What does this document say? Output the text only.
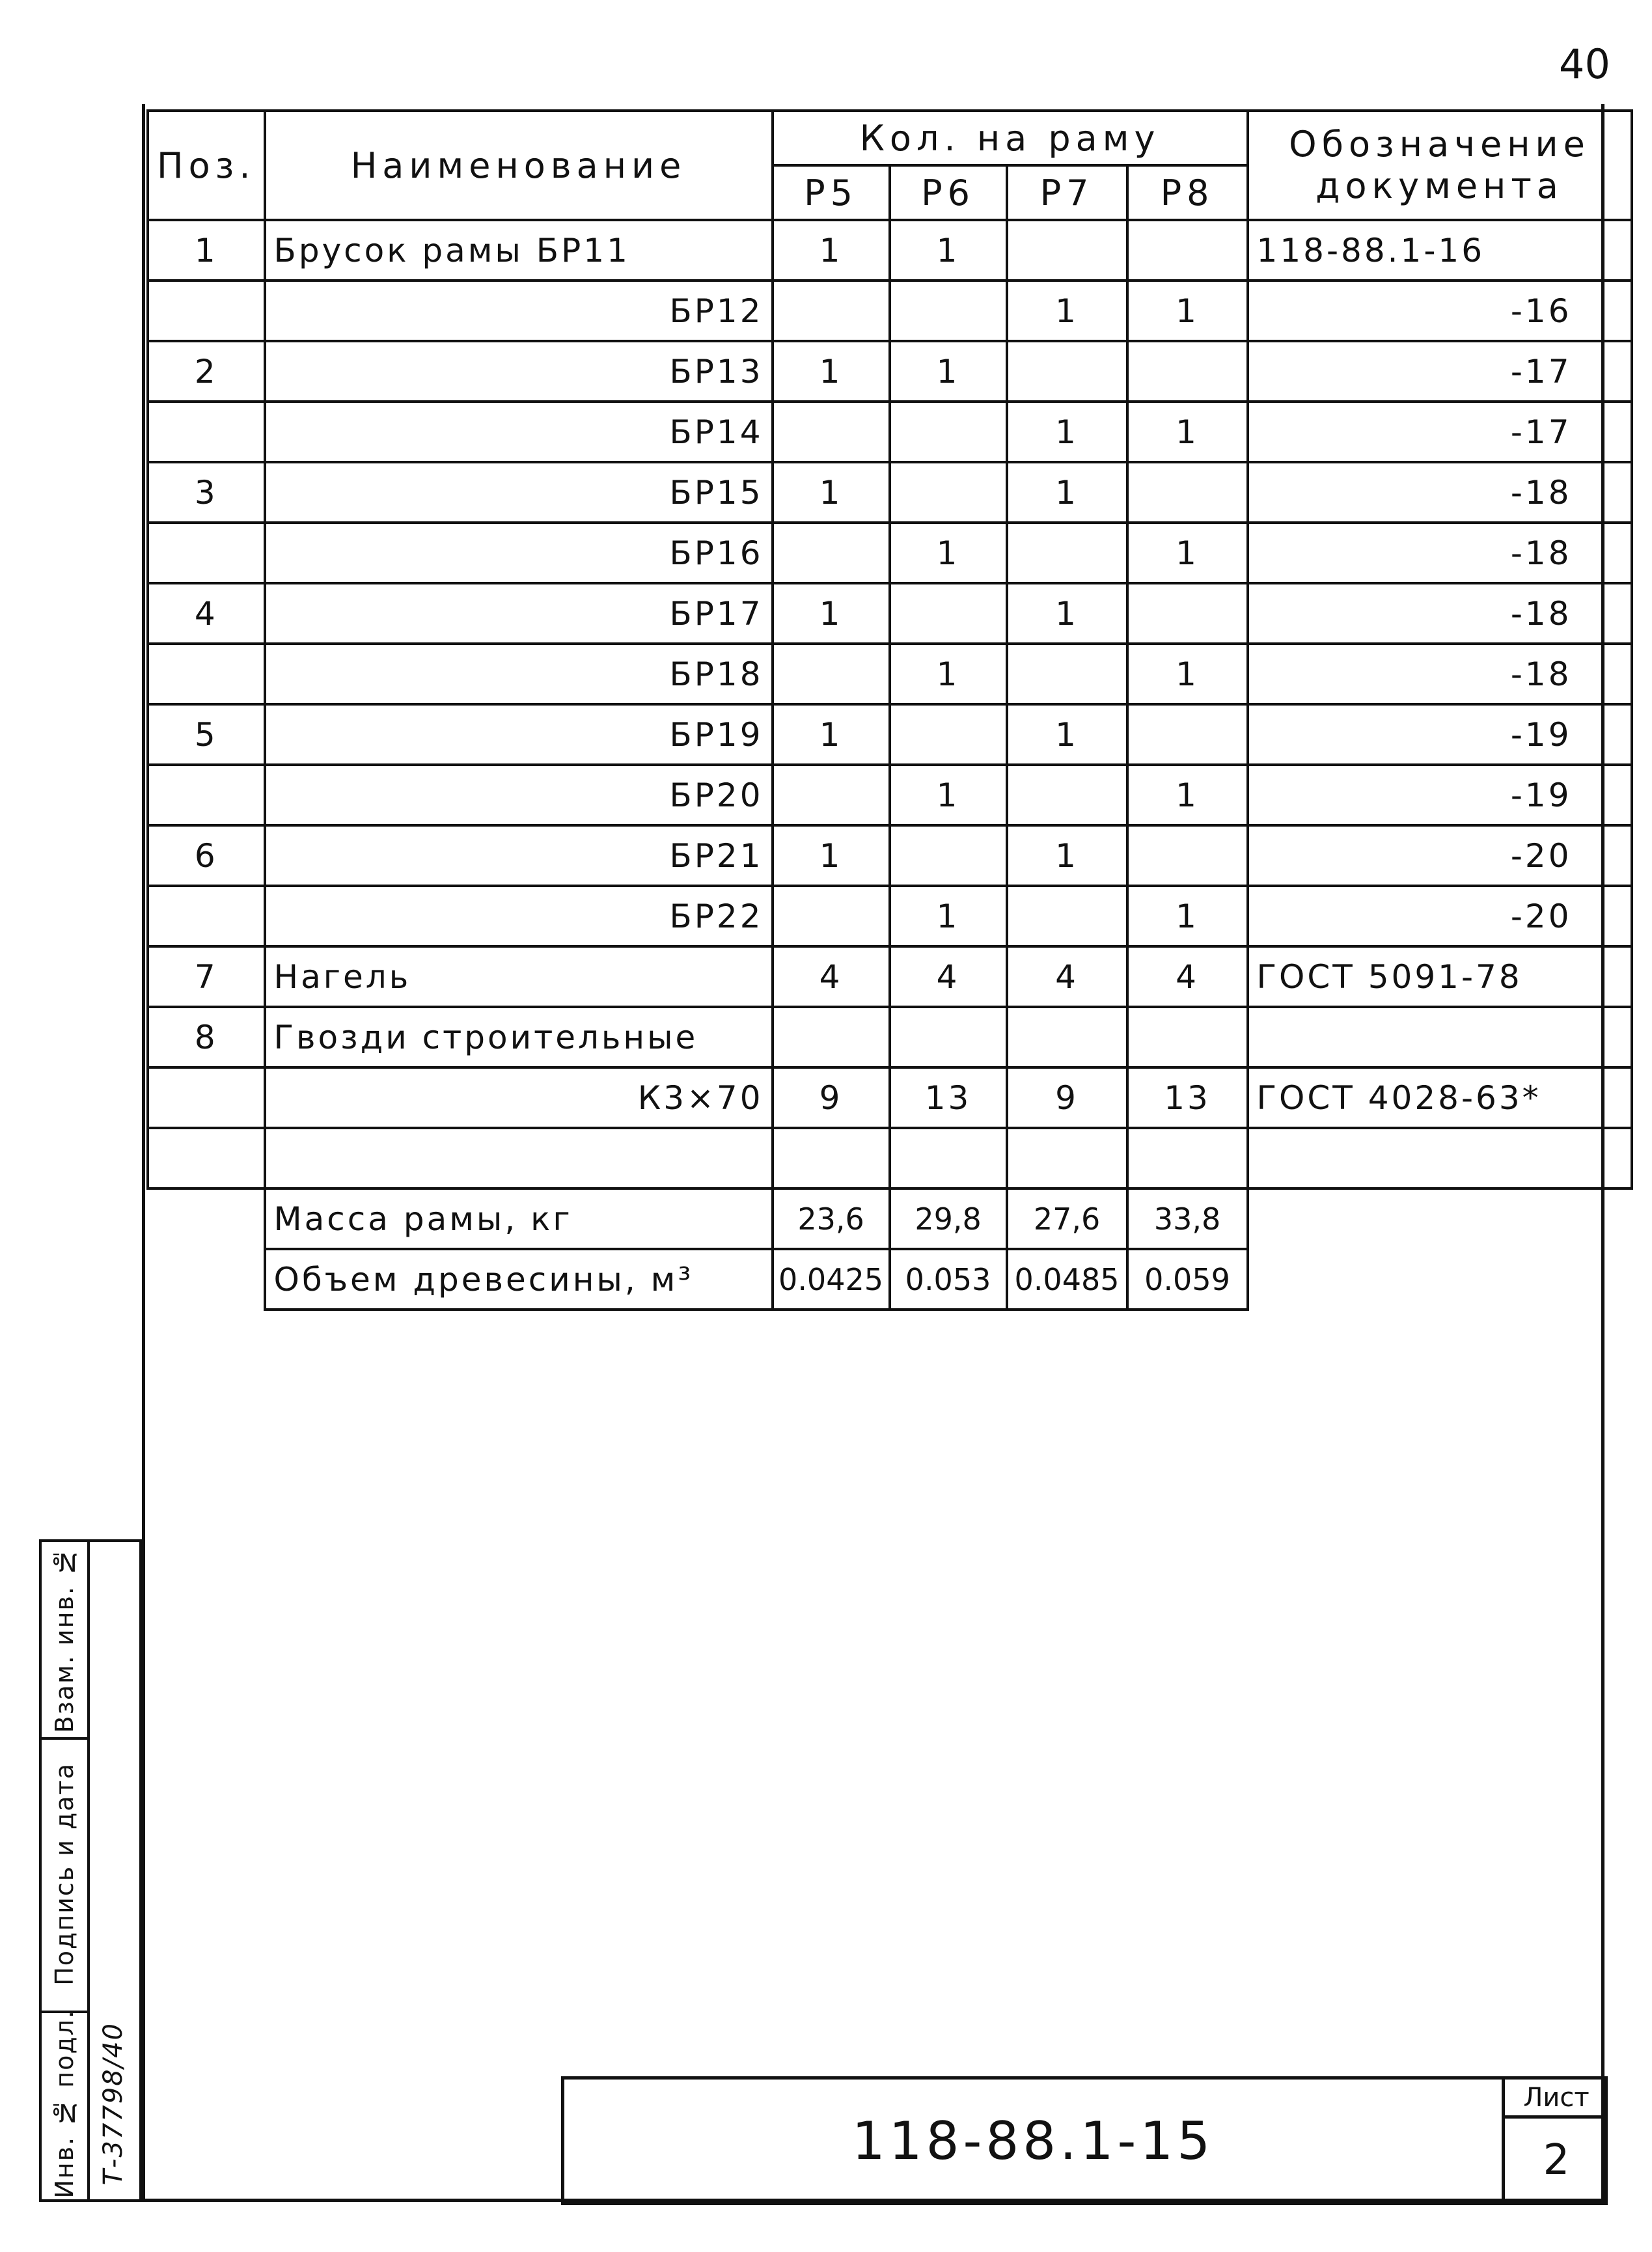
40
Поз.	Наименование	Кол. на раму				Обозначение документа
		Р5	Р6	Р7	Р8	
1	Брусок рамы БР11	1	1			118-88.1-16
	БР12			1	1	-16
2	БР13	1	1			-17
	БР14			1	1	-17
3	БР15	1		1		-18
	БР16		1		1	-18
4	БР17	1		1		-18
	БР18		1		1	-18
5	БР19	1		1		-19
	БР20		1		1	-19
6	БР21	1		1		-20
	БР22		1		1	-20
7	Нагель	4	4	4	4	ГОСТ 5091-78
8	Гвозди строительные					
	К3×70	9	13	9	13	ГОСТ 4028-63*

	Масса рамы, кг	23,6	29,8	27,6	33,8	
	Объем древесины, м³	0.0425	0.053	0.0485	0.059	
Взам. инв. №
Подпись и дата
Инв. № подл. Т-37798/40	118-88.1-15
Лист
2
